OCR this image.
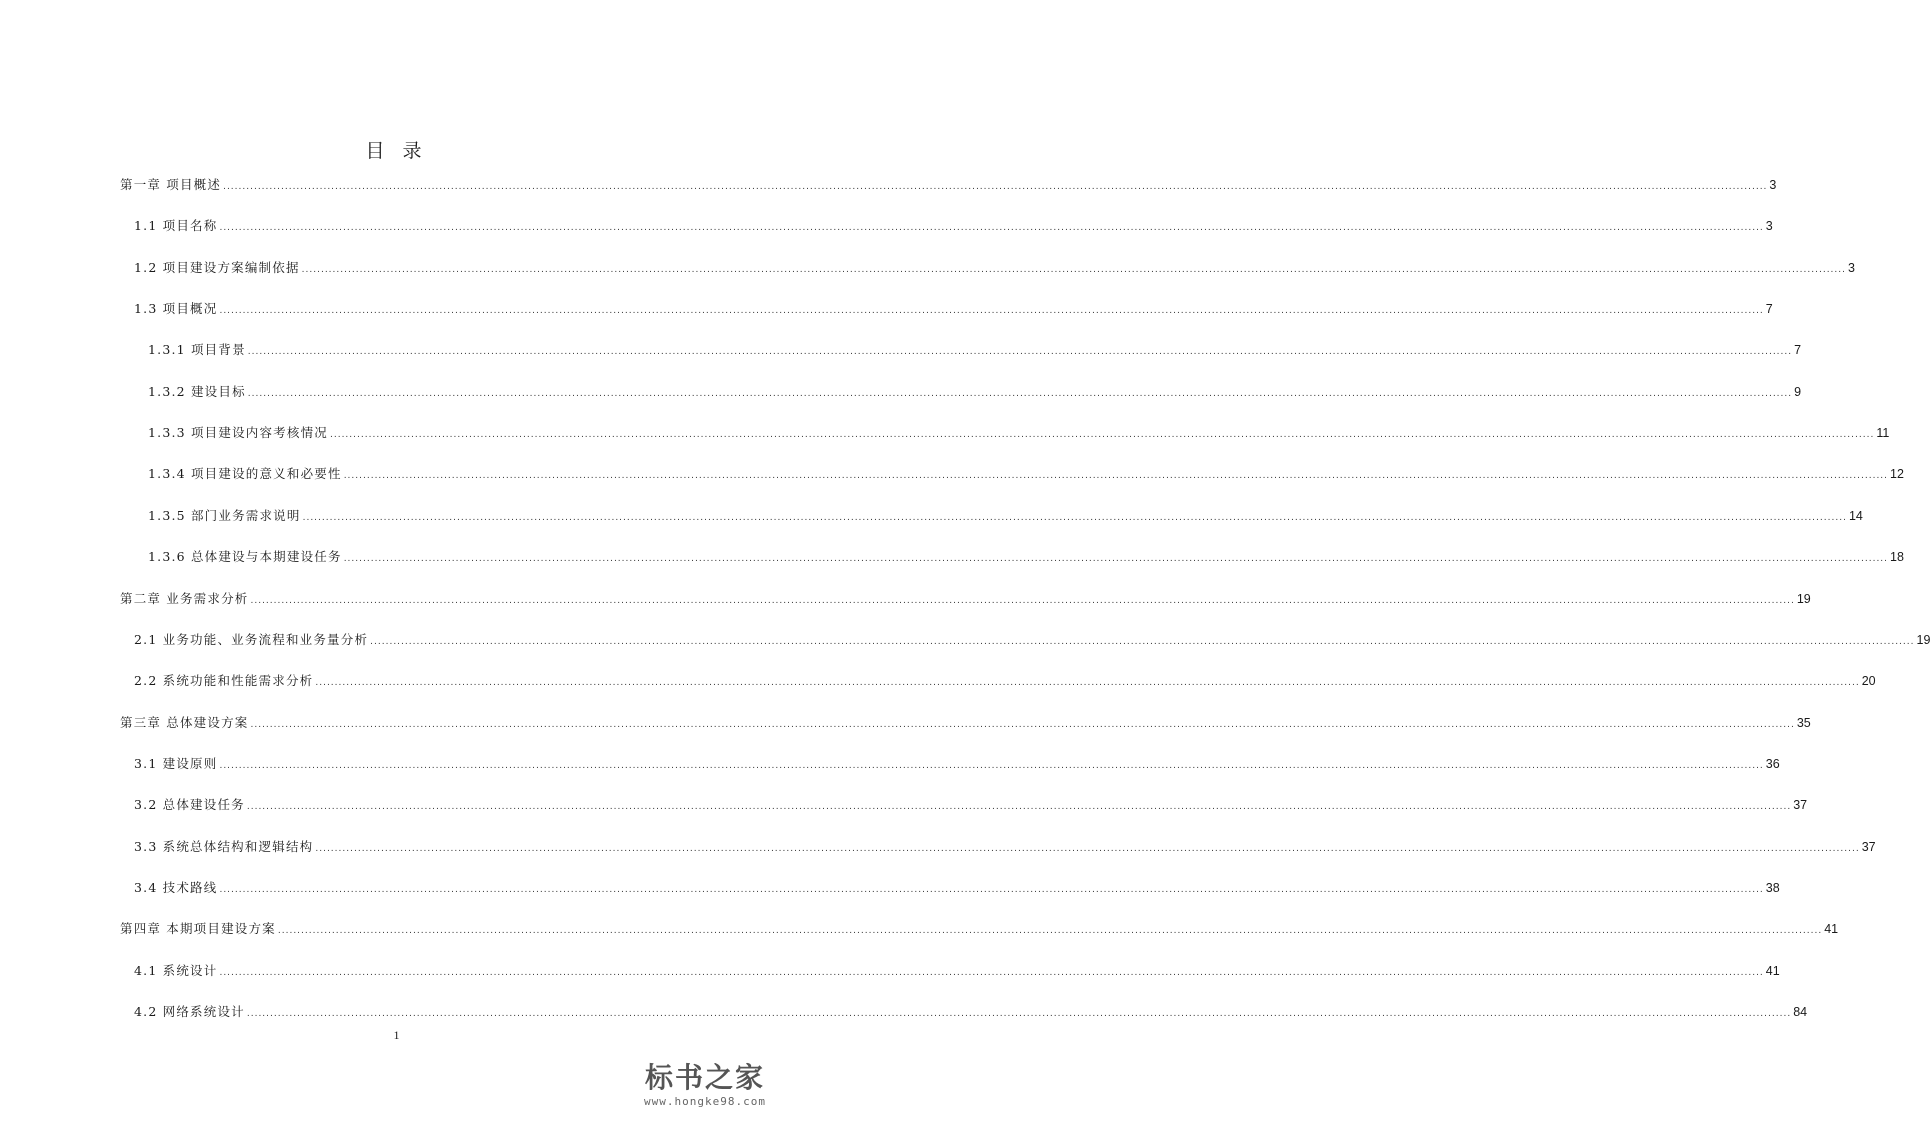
目 录
第一章 项目概述 ................................................................................................................................................................................................................................................................................................................................................................................................................ 3
1.1 项目名称 ................................................................................................................................................................................................................................................................................................................................................................................................................ 3
1.2 项目建设方案编制依据 ................................................................................................................................................................................................................................................................................................................................................................................................................ 3
1.3 项目概况 ................................................................................................................................................................................................................................................................................................................................................................................................................ 7
1.3.1 项目背景 ................................................................................................................................................................................................................................................................................................................................................................................................................ 7
1.3.2 建设目标 ................................................................................................................................................................................................................................................................................................................................................................................................................ 9
1.3.3 项目建设内容考核情况 ................................................................................................................................................................................................................................................................................................................................................................................................................ 11
1.3.4 项目建设的意义和必要性 ................................................................................................................................................................................................................................................................................................................................................................................................................ 12
1.3.5 部门业务需求说明 ................................................................................................................................................................................................................................................................................................................................................................................................................ 14
1.3.6 总体建设与本期建设任务 ................................................................................................................................................................................................................................................................................................................................................................................................................ 18
第二章 业务需求分析 ................................................................................................................................................................................................................................................................................................................................................................................................................ 19
2.1 业务功能、业务流程和业务量分析 ................................................................................................................................................................................................................................................................................................................................................................................................................ 19
2.2 系统功能和性能需求分析 ................................................................................................................................................................................................................................................................................................................................................................................................................ 20
第三章 总体建设方案 ................................................................................................................................................................................................................................................................................................................................................................................................................ 35
3.1 建设原则 ................................................................................................................................................................................................................................................................................................................................................................................................................ 36
3.2 总体建设任务 ................................................................................................................................................................................................................................................................................................................................................................................................................ 37
3.3 系统总体结构和逻辑结构 ................................................................................................................................................................................................................................................................................................................................................................................................................ 37
3.4 技术路线 ................................................................................................................................................................................................................................................................................................................................................................................................................ 38
第四章 本期项目建设方案 ................................................................................................................................................................................................................................................................................................................................................................................................................ 41
4.1 系统设计 ................................................................................................................................................................................................................................................................................................................................................................................................................ 41
4.2 网络系统设计 ................................................................................................................................................................................................................................................................................................................................................................................................................ 84
1
标书之家
www.hongke98.com
